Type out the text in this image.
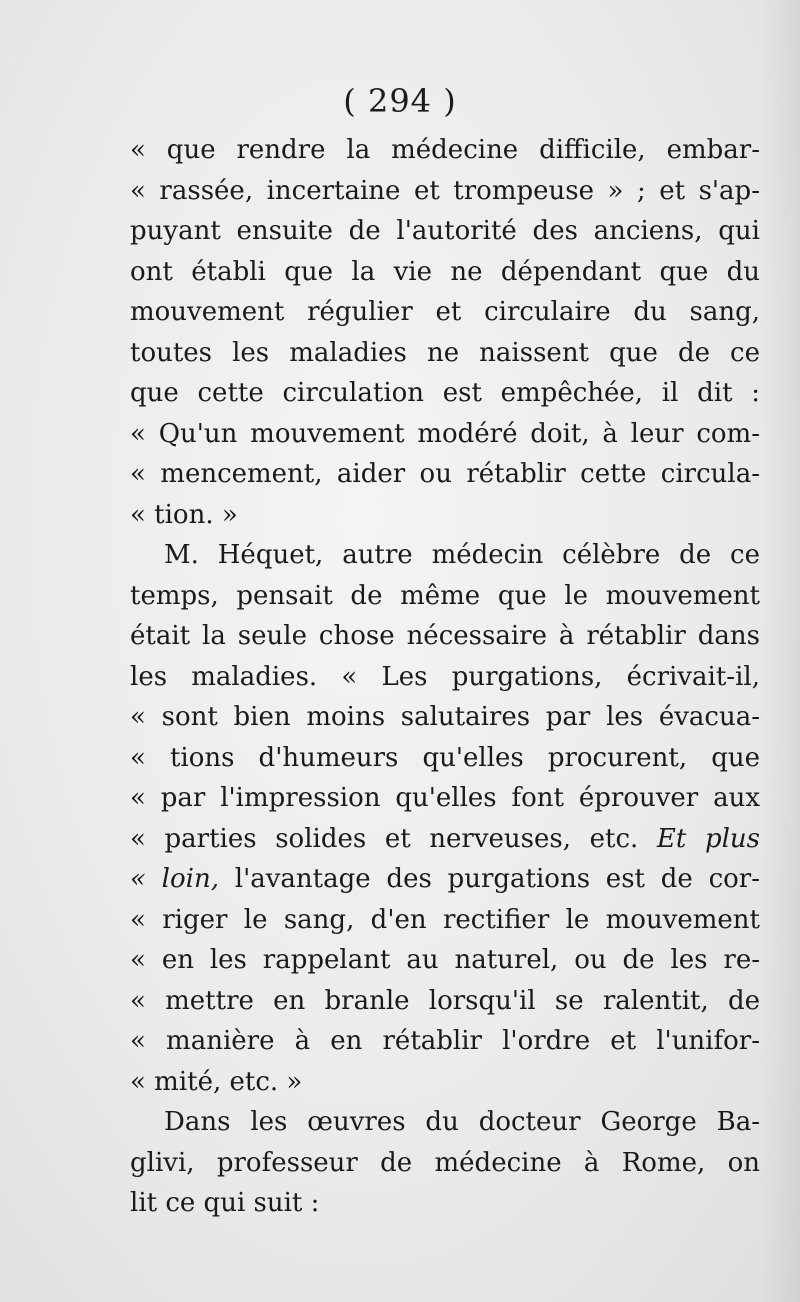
( 294 )
« que rendre la médecine difficile, embar-
« rassée, incertaine et trompeuse » ; et s'ap-
puyant ensuite de l'autorité des anciens, qui
ont établi que la vie ne dépendant que du
mouvement régulier et circulaire du sang,
toutes les maladies ne naissent que de ce
que cette circulation est empêchée, il dit :
« Qu'un mouvement modéré doit, à leur com-
« mencement, aider ou rétablir cette circula-
« tion. »
M. Héquet, autre médecin célèbre de ce
temps, pensait de même que le mouvement
était la seule chose nécessaire à rétablir dans
les maladies. « Les purgations, écrivait-il,
« sont bien moins salutaires par les évacua-
« tions d'humeurs qu'elles procurent, que
« par l'impression qu'elles font éprouver aux
« parties solides et nerveuses, etc. Et plus
« loin, l'avantage des purgations est de cor-
« riger le sang, d'en rectifier le mouvement
« en les rappelant au naturel, ou de les re-
« mettre en branle lorsqu'il se ralentit, de
« manière à en rétablir l'ordre et l'unifor-
« mité, etc. »
Dans les œuvres du docteur George Ba-
glivi, professeur de médecine à Rome, on
lit ce qui suit :
